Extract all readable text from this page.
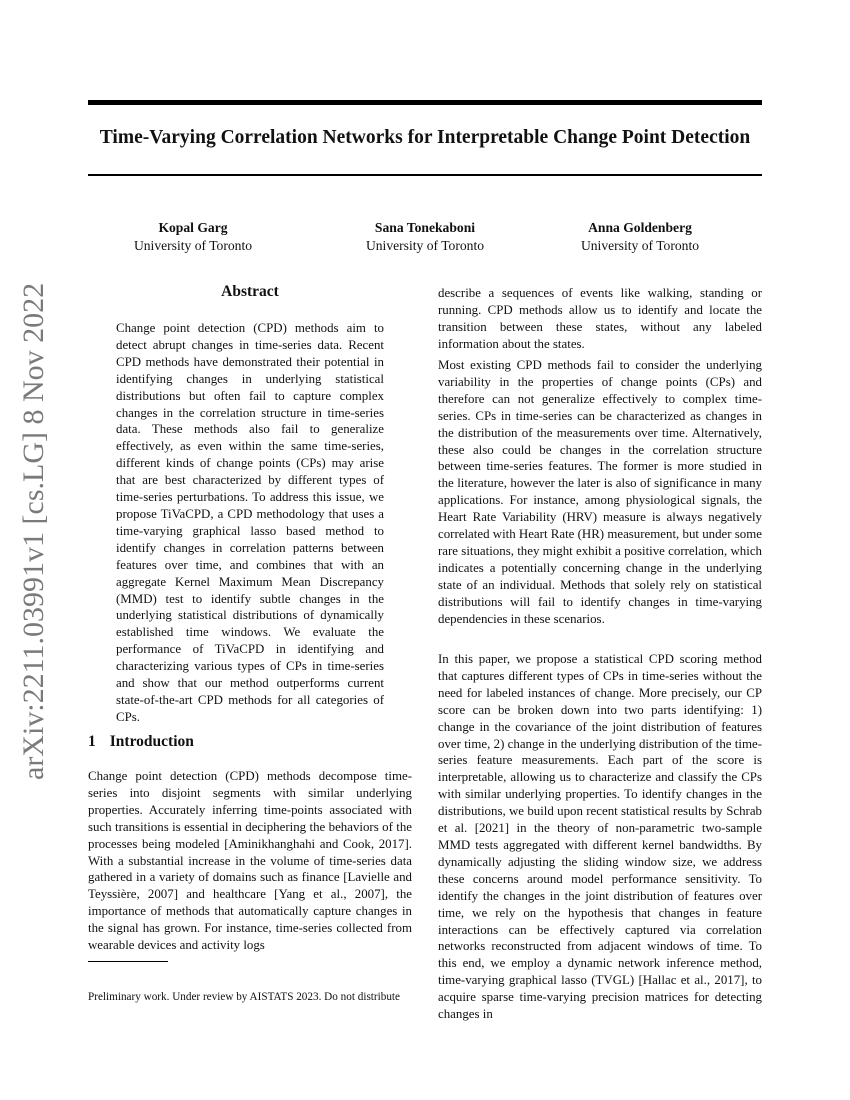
Time-Varying Correlation Networks for Interpretable Change Point Detection
Kopal Garg
University of Toronto
Sana Tonekaboni
University of Toronto
Anna Goldenberg
University of Toronto
arXiv:2211.03991v1 [cs.LG] 8 Nov 2022	Abstract

Change point detection (CPD) methods aim to detect abrupt changes in time-series data. Recent CPD methods have demonstrated their potential in identifying changes in underlying statistical distributions but often fail to capture complex changes in the correlation structure in time-series data. These methods also fail to generalize effectively, as even within the same time-series, different kinds of change points (CPs) may arise that are best characterized by different types of time-series perturbations. To address this issue, we propose TiVaCPD, a CPD methodology that uses a time-varying graphical lasso based method to identify changes in correlation patterns between features over time, and combines that with an aggregate Kernel Maximum Mean Discrepancy (MMD) test to identify subtle changes in the underlying statistical distributions of dynamically established time windows. We evaluate the performance of TiVaCPD in identifying and characterizing various types of CPs in time-series and show that our method outperforms current state-of-the-art CPD methods for all categories of CPs.

1 Introduction

Change point detection (CPD) methods decompose time-series into disjoint segments with similar underlying properties. Accurately inferring time-points associated with such transitions is essential in deciphering the behaviors of the processes being modeled [Aminikhanghahi and Cook, 2017]. With a substantial increase in the volume of time-series data gathered in a variety of domains such as finance [Lavielle and Teyssière, 2007] and healthcare [Yang et al., 2007], the importance of methods that automatically capture changes in the signal has grown. For instance, time-series collected from wearable devices and activity logs

Preliminary work. Under review by AISTATS 2023. Do not distribute

describe a sequences of events like walking, standing or running. CPD methods allow us to identify and locate the transition between these states, without any labeled information about the states.

Most existing CPD methods fail to consider the underlying variability in the properties of change points (CPs) and therefore can not generalize effectively to complex time-series. CPs in time-series can be characterized as changes in the distribution of the measurements over time. Alternatively, these also could be changes in the correlation structure between time-series features. The former is more studied in the literature, however the later is also of significance in many applications. For instance, among physiological signals, the Heart Rate Variability (HRV) measure is always negatively correlated with Heart Rate (HR) measurement, but under some rare situations, they might exhibit a positive correlation, which indicates a potentially concerning change in the underlying state of an individual. Methods that solely rely on statistical distributions will fail to identify changes in time-varying dependencies in these scenarios.

In this paper, we propose a statistical CPD scoring method that captures different types of CPs in time-series without the need for labeled instances of change. More precisely, our CP score can be broken down into two parts identifying: 1) change in the covariance of the joint distribution of features over time, 2) change in the underlying distribution of the time-series feature measurements. Each part of the score is interpretable, allowing us to characterize and classify the CPs with similar underlying properties. To identify changes in the distributions, we build upon recent statistical results by Schrab et al. [2021] in the theory of non-parametric two-sample MMD tests aggregated with different kernel bandwidths. By dynamically adjusting the sliding window size, we address these concerns around model performance sensitivity. To identify the changes in the joint distribution of features over time, we rely on the hypothesis that changes in feature interactions can be effectively captured via correlation networks reconstructed from adjacent windows of time. To this end, we employ a dynamic network inference method, time-varying graphical lasso (TVGL) [Hallac et al., 2017], to acquire sparse time-varying precision matrices for detecting changes in
